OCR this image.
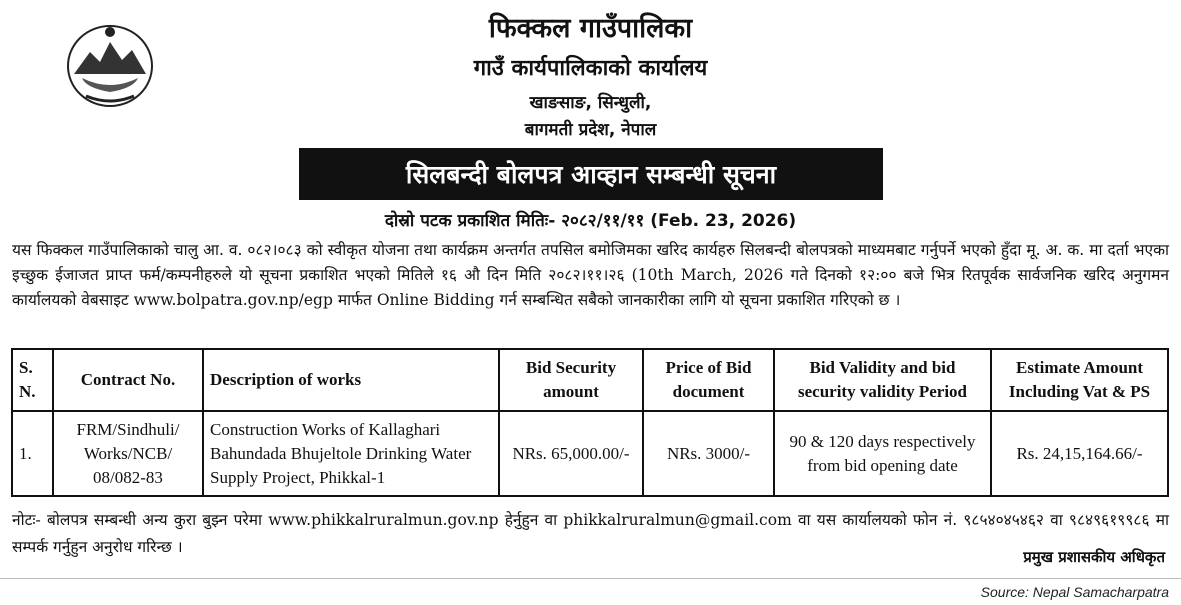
फिक्कल गाउँपालिका
गाउँ कार्यपालिकाको कार्यालय
खाङसाङ, सिन्धुली,
बागमती प्रदेश, नेपाल
सिलबन्दी बोलपत्र आव्हान सम्बन्धी सूचना
दोस्रो पटक प्रकाशित मितिः- २०८२/११/११ (Feb. 23, 2026)
यस फिक्कल गाउँपालिकाको चालु आ. व. ०८२।०८३ को स्वीकृत योजना तथा कार्यक्रम अन्तर्गत तपसिल बमोजिमका खरिद कार्यहरु सिलबन्दी बोलपत्रको माध्यमबाट गर्नुपर्ने भएको हुँदा मू. अ. क. मा दर्ता भएका इच्छुक ईजाजत प्राप्त फर्म/कम्पनीहरुले यो सूचना प्रकाशित भएको मितिले १६ औ दिन मिति २०८२।११।२६ (10th March, 2026 गते दिनको १२:०० बजे भित्र रितपूर्वक सार्वजनिक खरिद अनुगमन कार्यालयको वेबसाइट www.bolpatra.gov.np/egp मार्फत Online Bidding गर्न सम्बन्धित सबैको जानकारीका लागि यो सूचना प्रकाशित गरिएको छ ।
S. N.	Contract No.	Description of works	Bid Security amount	Price of Bid document	Bid Validity and bid security validity Period	Estimate Amount Including Vat & PS
1.	FRM/Sindhuli/ Works/NCB/ 08/082-83	Construction Works of Kallaghari Bahundada Bhujeltole Drinking Water Supply Project, Phikkal-1	NRs. 65,000.00/-	NRs. 3000/-	90 & 120 days respectively from bid opening date	Rs. 24,15,164.66/-
नोटः- बोलपत्र सम्बन्धी अन्य कुरा बुझ्न परेमा www.phikkalruralmun.gov.np हेर्नुहुन वा phikkalruralmun@gmail.com वा यस कार्यालयको फोन नं. ९८५४०४५४६२ वा ९८४९६१९९८६ मा सम्पर्क गर्नुहुन अनुरोध गरिन्छ ।
प्रमुख प्रशासकीय अधिकृत
Source: Nepal Samacharpatra
